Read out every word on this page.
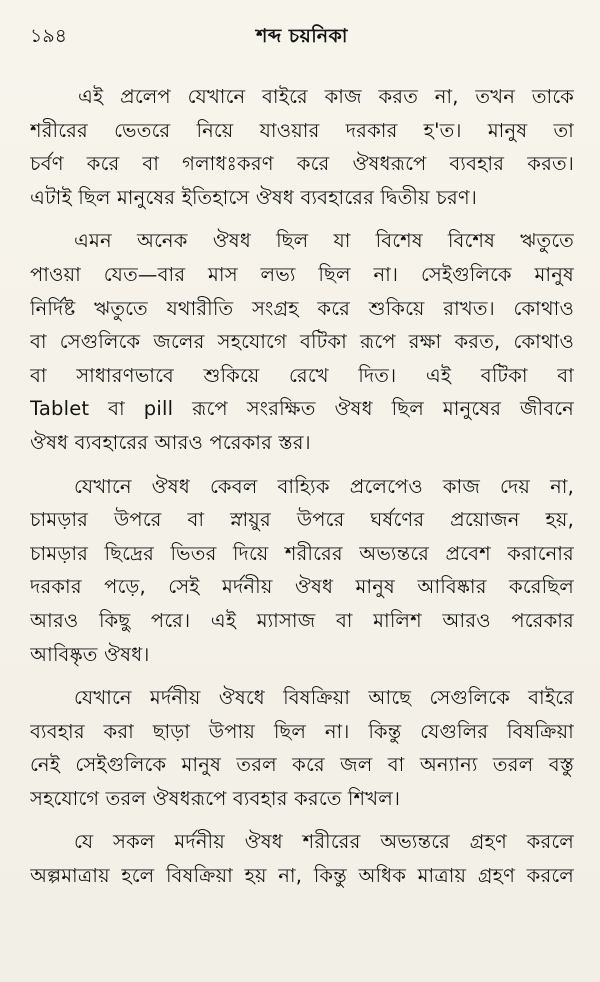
১৯৪	শব্দ চয়নিকা
এই প্রলেপ যেখানে বাইরে কাজ করত না, তখন তাকে
শরীরের ভেতরে নিয়ে যাওয়ার দরকার হ'ত। মানুষ তা
চর্বণ করে বা গলাধঃকরণ করে ঔষধরূপে ব্যবহার করত।
এটাই ছিল মানুষের ইতিহাসে ঔষধ ব্যবহারের দ্বিতীয় চরণ।
এমন অনেক ঔষধ ছিল যা বিশেষ বিশেষ ঋতুতে
পাওয়া যেত—বার মাস লভ্য ছিল না। সেইগুলিকে মানুষ
নির্দিষ্ট ঋতুতে যথারীতি সংগ্রহ করে শুকিয়ে রাখত। কোথাও
বা সেগুলিকে জলের সহযোগে বটিকা রূপে রক্ষা করত, কোথাও
বা সাধারণভাবে শুকিয়ে রেখে দিত। এই বটিকা বা
Tablet বা pill রূপে সংরক্ষিত ঔষধ ছিল মানুষের জীবনে
ঔষধ ব্যবহারের আরও পরেকার স্তর।
যেখানে ঔষধ কেবল বাহ্যিক প্রলেপেও কাজ দেয় না,
চামড়ার উপরে বা স্নায়ুর উপরে ঘর্ষণের প্রয়োজন হয়,
চামড়ার ছিদ্রের ভিতর দিয়ে শরীরের অভ্যন্তরে প্রবেশ করানোর
দরকার পড়ে, সেই মর্দনীয় ঔষধ মানুষ আবিষ্কার করেছিল
আরও কিছু পরে। এই ম্যাসাজ বা মালিশ আরও পরেকার
আবিষ্কৃত ঔষধ।
যেখানে মর্দনীয় ঔষধে বিষক্রিয়া আছে সেগুলিকে বাইরে
ব্যবহার করা ছাড়া উপায় ছিল না। কিন্তু যেগুলির বিষক্রিয়া
নেই সেইগুলিকে মানুষ তরল করে জল বা অন্যান্য তরল বস্তু
সহযোগে তরল ঔষধরূপে ব্যবহার করতে শিখল।
যে সকল মর্দনীয় ঔষধ শরীরের অভ্যন্তরে গ্রহণ করলে
অল্পমাত্রায় হলে বিষক্রিয়া হয় না, কিন্তু অধিক মাত্রায় গ্রহণ করলে
